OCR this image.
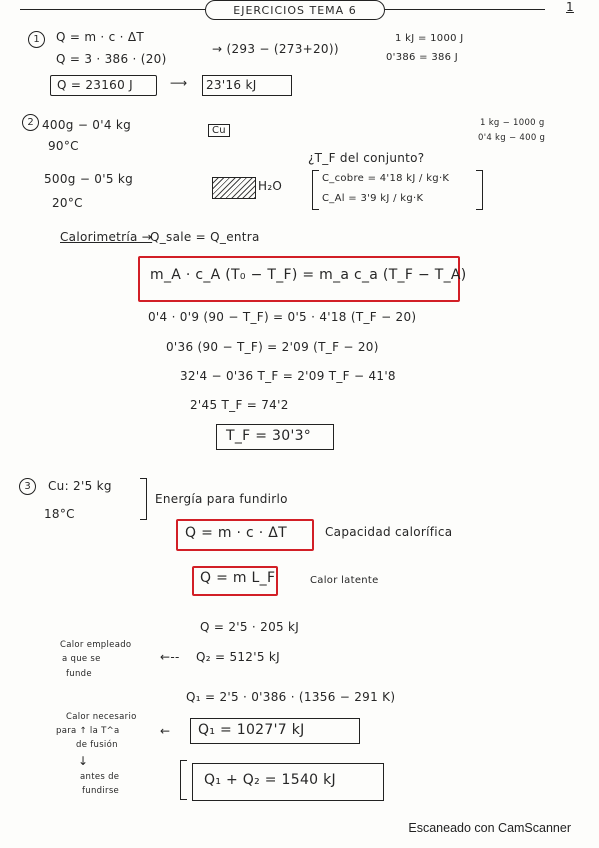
EJERCICIOS TEMA 6	1
1	Q = m · c · ΔT
Q = 3 · 386 · (20)
→ (293 − (273+20))
Q = 23160 J	⟶ 23'16 kJ
1 kJ = 1000 J
0'386 = 386 J
2 400g − 0'4 kg
90°C
Cu
500g − 0'5 kg
20°C
H₂O
¿T_F del conjunto?
C_cobre = 4'18 kJ / kg·K
C_Al = 3'9 kJ / kg·K
1 kg − 1000 g
0'4 kg − 400 g
Calorimetría →
Q_sale = Q_entra
m_A · c_A (T₀ − T_F) = m_a c_a (T_F − T_A)
0'4 · 0'9 (90 − T_F) = 0'5 · 4'18 (T_F − 20)
0'36 (90 − T_F) = 2'09 (T_F − 20)
32'4 − 0'36 T_F = 2'09 T_F − 41'8
2'45 T_F = 74'2
T_F = 30'3°
3	Cu: 2'5 kg
18°C
Energía para fundirlo
Q = m · c · ΔT	Capacidad calorífica
Q = m L_F	Calor latente
Q = 2'5 · 205 kJ
Calor empleado
a que se
funde
←-- Q₂ = 512'5 kJ
Q₁ = 2'5 · 0'386 · (1356 − 291 K)
Calor necesario
para ↑ la T^a
de fusión
← Q₁ = 1027'7 kJ
↓
antes de
fundirse
Q₁ + Q₂ = 1540 kJ
Escaneado con CamScanner
